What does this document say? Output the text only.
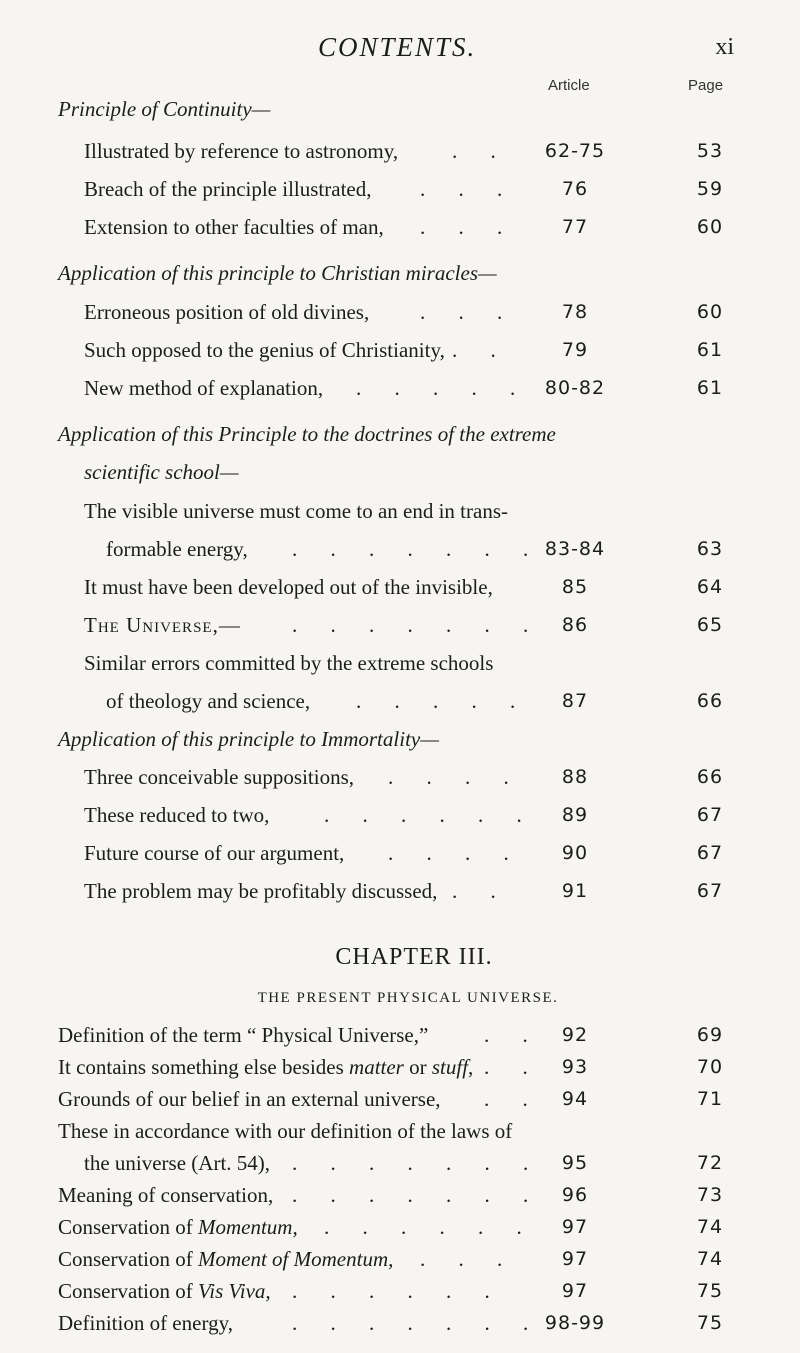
CONTENTS.	xi
Article	Page
Principle of Continuity—
Illustrated by reference to astronomy,	. .	62-75	53
Breach of the principle illustrated, . . .	76	59
Extension to other faculties of man, . . .	77	60
Application of this principle to Christian miracles—
Erroneous position of old divines, . . .	78	60
Such opposed to the genius of Christianity, . .	79	61
New method of explanation, . . . . . 80-82	61
Application of this Principle to the doctrines of the extreme
scientific school—
The visible universe must come to an end in trans-
formable energy, . . . . . . . 83-84	63
It must have been developed out of the invisible,	85	64
The Universe,— . . . . . . .	86	65
Similar errors committed by the extreme schools
of theology and science, . . . . .	87	66
Application of this principle to Immortality—
Three conceivable suppositions, . . . .	88	66
These reduced to two,	. . . . . .	89	67
Future course of our argument, . . . .	90	67
The problem may be profitably discussed, . .	91	67
CHAPTER III.
THE PRESENT PHYSICAL UNIVERSE.
Definition of the term “ Physical Universe,”	. .	92	69
It contains something else besides matter or stuff, . .	93	70
Grounds of our belief in an external universe, . .	94	71
These in accordance with our definition of the laws of
the universe (Art. 54), . . . . . . .	95	72
Meaning of conservation, . . . . . . .	96	73
Conservation of Momentum, . . . . . .	97	74
Conservation of Moment of Momentum, . . .	97	74
Conservation of Vis Viva, . . . . . .	97	75
Definition of energy,	. . . . . . . 98-99	75
